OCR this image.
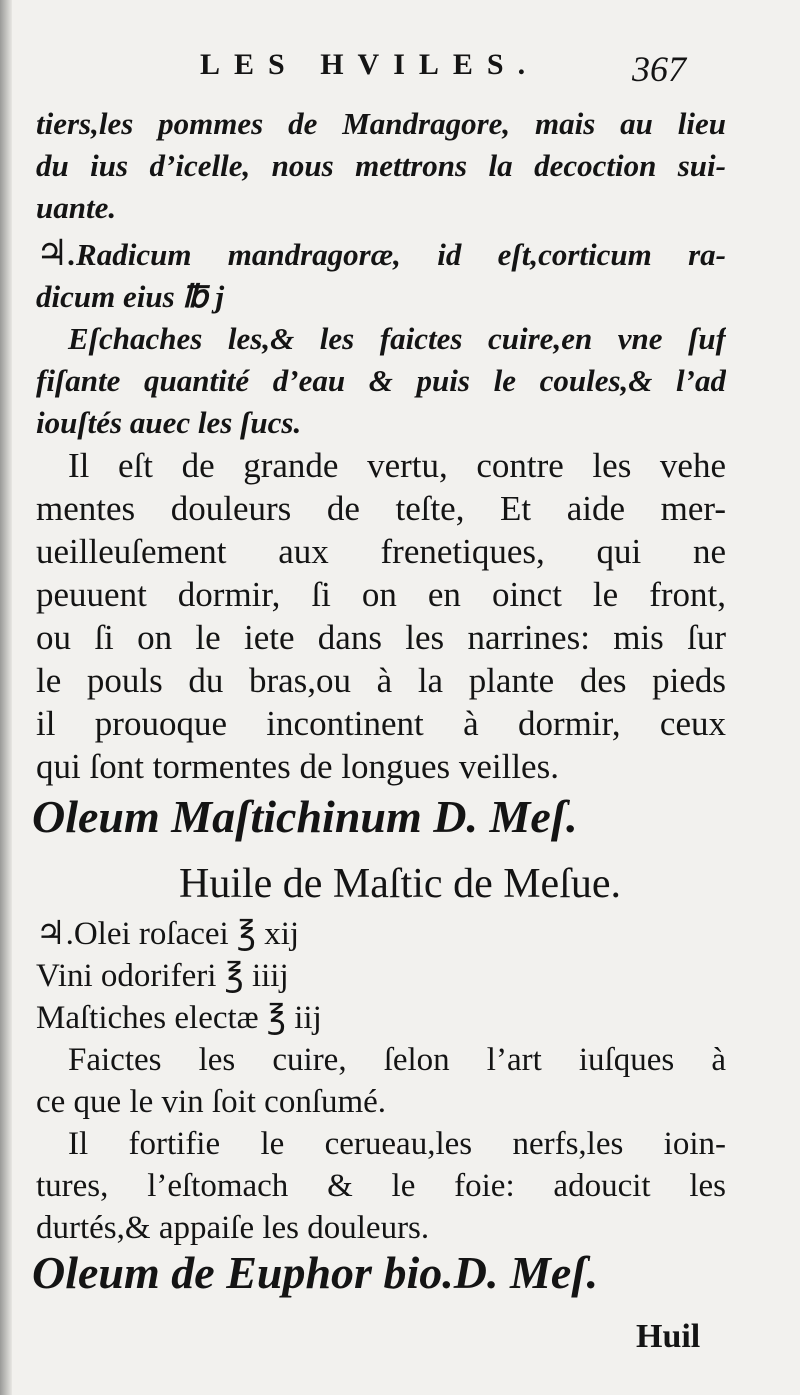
LES HVILES.	367
tiers,les pommes de Mandragore, mais au lieu
du ius d’icelle, nous mettrons la decoction sui-
uante.
♃.Radicum mandragoræ, id eſt,corticum ra-
dicum eius ℔ j
Eſchaches les,& les faictes cuire,en vne ſuf
fiſante quantité d’eau & puis le coules,& l’ad
iouſtés auec les ſucs.
Il eſt de grande vertu, contre les vehe
mentes douleurs de teſte, Et aide mer-
ueilleuſement aux frenetiques, qui ne
peuuent dormir, ſi on en oinct le front,
ou ſi on le iete dans les narrines: mis ſur
le pouls du bras,ou à la plante des pieds
il prouoque incontinent à dormir, ceux
qui ſont tormentes de longues veilles.
Oleum Maſtichinum D. Meſ.
Huile de Maſtic de Meſue.
♃.Olei roſacei ℥ xij
Vini odoriferi ℥ iiij
Maſtiches electæ ℥ iij
Faictes les cuire, ſelon l’art iuſques à
ce que le vin ſoit conſumé.
Il fortifie le cerueau,les nerfs,les ioin-
tures, l’eſtomach & le foie: adoucit les
durtés,& appaiſe les douleurs.
Oleum de Euphor bio.D. Meſ.
Huil
